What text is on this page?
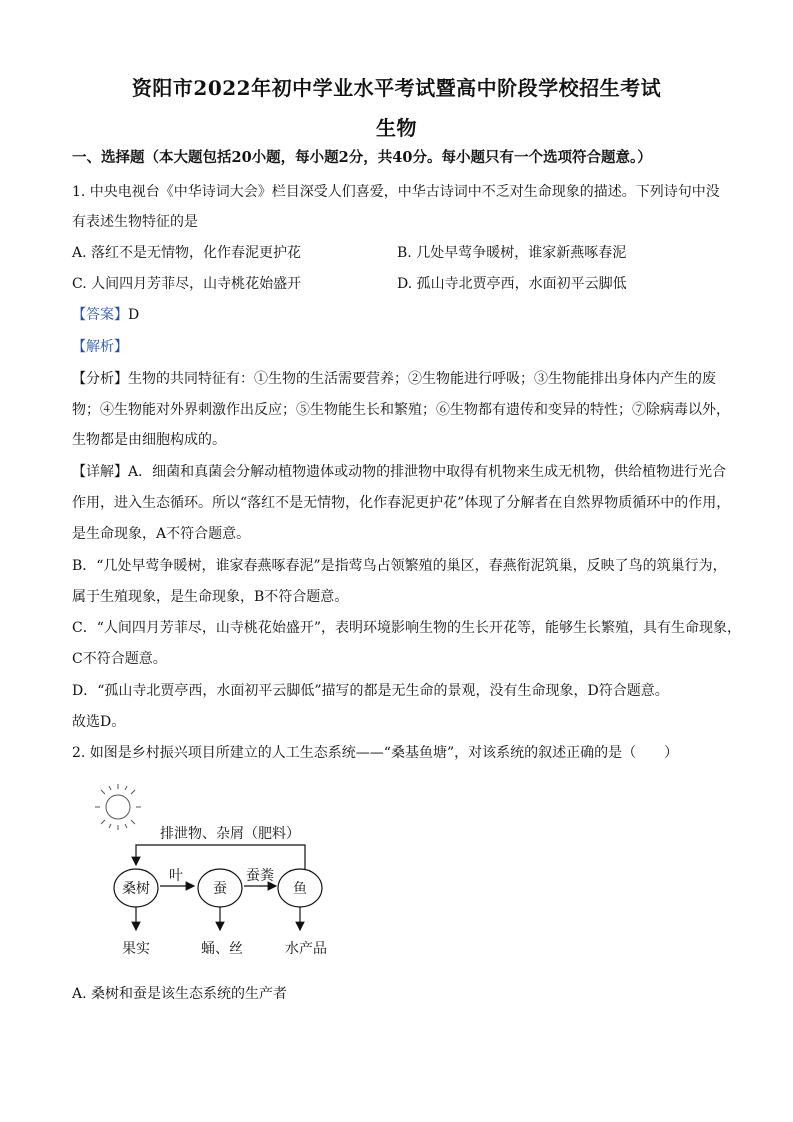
资阳市2022年初中学业水平考试暨高中阶段学校招生考试
生物
一、选择题（本大题包括20小题，每小题2分，共40分。每小题只有一个选项符合题意。）
1. 中央电视台《中华诗词大会》栏目深受人们喜爱，中华古诗词中不乏对生命现象的描述。下列诗句中没
有表述生物特征的是
A. 落红不是无情物，化作春泥更护花	B. 几处早莺争暖树，谁家新燕啄春泥
C. 人间四月芳菲尽，山寺桃花始盛开	D. 孤山寺北贾亭西，水面初平云脚低
【答案】D
【解析】
【分析】生物的共同特征有：①生物的生活需要营养；②生物能进行呼吸；③生物能排出身体内产生的废
物；④生物能对外界刺激作出反应；⑤生物能生长和繁殖；⑥生物都有遗传和变异的特性；⑦除病毒以外，
生物都是由细胞构成的。
【详解】A．细菌和真菌会分解动植物遗体或动物的排泄物中取得有机物来生成无机物，供给植物进行光合
作用，进入生态循环。所以“落红不是无情物，化作春泥更护花”体现了分解者在自然界物质循环中的作用，
是生命现象，A不符合题意。
B．“几处早莺争暖树，谁家春燕啄春泥”是指莺鸟占领繁殖的巢区，春燕衔泥筑巢，反映了鸟的筑巢行为，
属于生殖现象，是生命现象，B不符合题意。
C．“人间四月芳菲尽，山寺桃花始盛开”，表明环境影响生物的生长开花等，能够生长繁殖，具有生命现象，
C不符合题意。
D．“孤山寺北贾亭西，水面初平云脚低”描写的都是无生命的景观，没有生命现象，D符合题意。
故选D。
2. 如图是乡村振兴项目所建立的人工生态系统——“桑基鱼塘”，对该系统的叙述正确的是（　　）
排泄物、杂屑（肥料）
桑树	蚕	鱼
叶	蚕粪
果实	蛹、丝	水产品
A. 桑树和蚕是该生态系统的生产者
